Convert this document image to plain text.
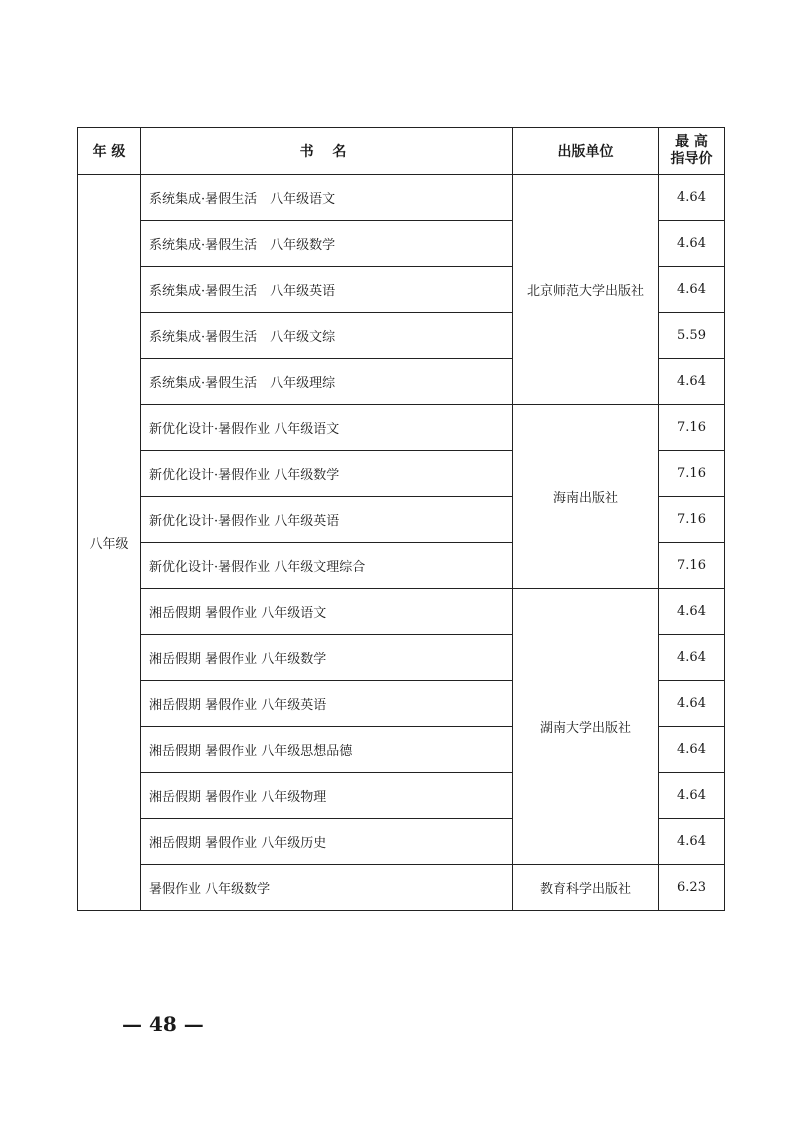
年 级	书 名	出版单位	最 高
指导价

八年级	系统集成·暑假生活　八年级语文	北京师范大学出版社	4.64
	系统集成·暑假生活　八年级数学		4.64
	系统集成·暑假生活　八年级英语		4.64
	系统集成·暑假生活　八年级文综		5.59
	系统集成·暑假生活　八年级理综		4.64
	新优化设计·暑假作业 八年级语文	海南出版社	7.16
	新优化设计·暑假作业 八年级数学		7.16
	新优化设计·暑假作业 八年级英语		7.16
	新优化设计·暑假作业 八年级文理综合		7.16
	湘岳假期 暑假作业 八年级语文	湖南大学出版社	4.64
	湘岳假期 暑假作业 八年级数学		4.64
	湘岳假期 暑假作业 八年级英语		4.64
	湘岳假期 暑假作业 八年级思想品德		4.64
	湘岳假期 暑假作业 八年级物理		4.64
	湘岳假期 暑假作业 八年级历史		4.64
	暑假作业 八年级数学	教育科学出版社	6.23
— 48 —
